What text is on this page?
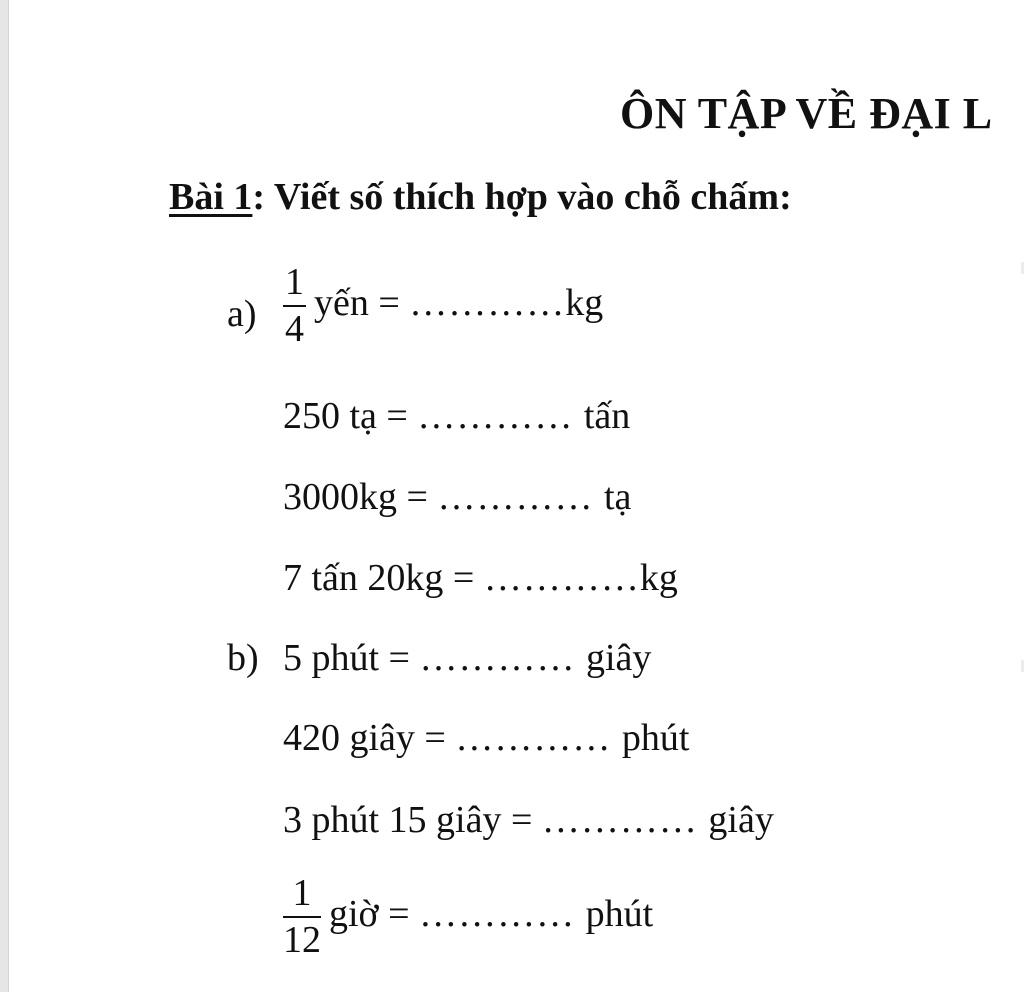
ÔN TẬP VỀ ĐẠI L
Bài 1: Viết số thích hợp vào chỗ chấm:
$a) \frac{1}{4}$ yến = …………kg
250 tạ = ………… tấn
3000kg = ………… tạ
7 tấn 20kg = …………kg
b) 5 phút = ………… giây
420 giây = ………… phút
3 phút 15 giây = ………… giây
$\frac{1}{12}$ giờ = ………… phút
